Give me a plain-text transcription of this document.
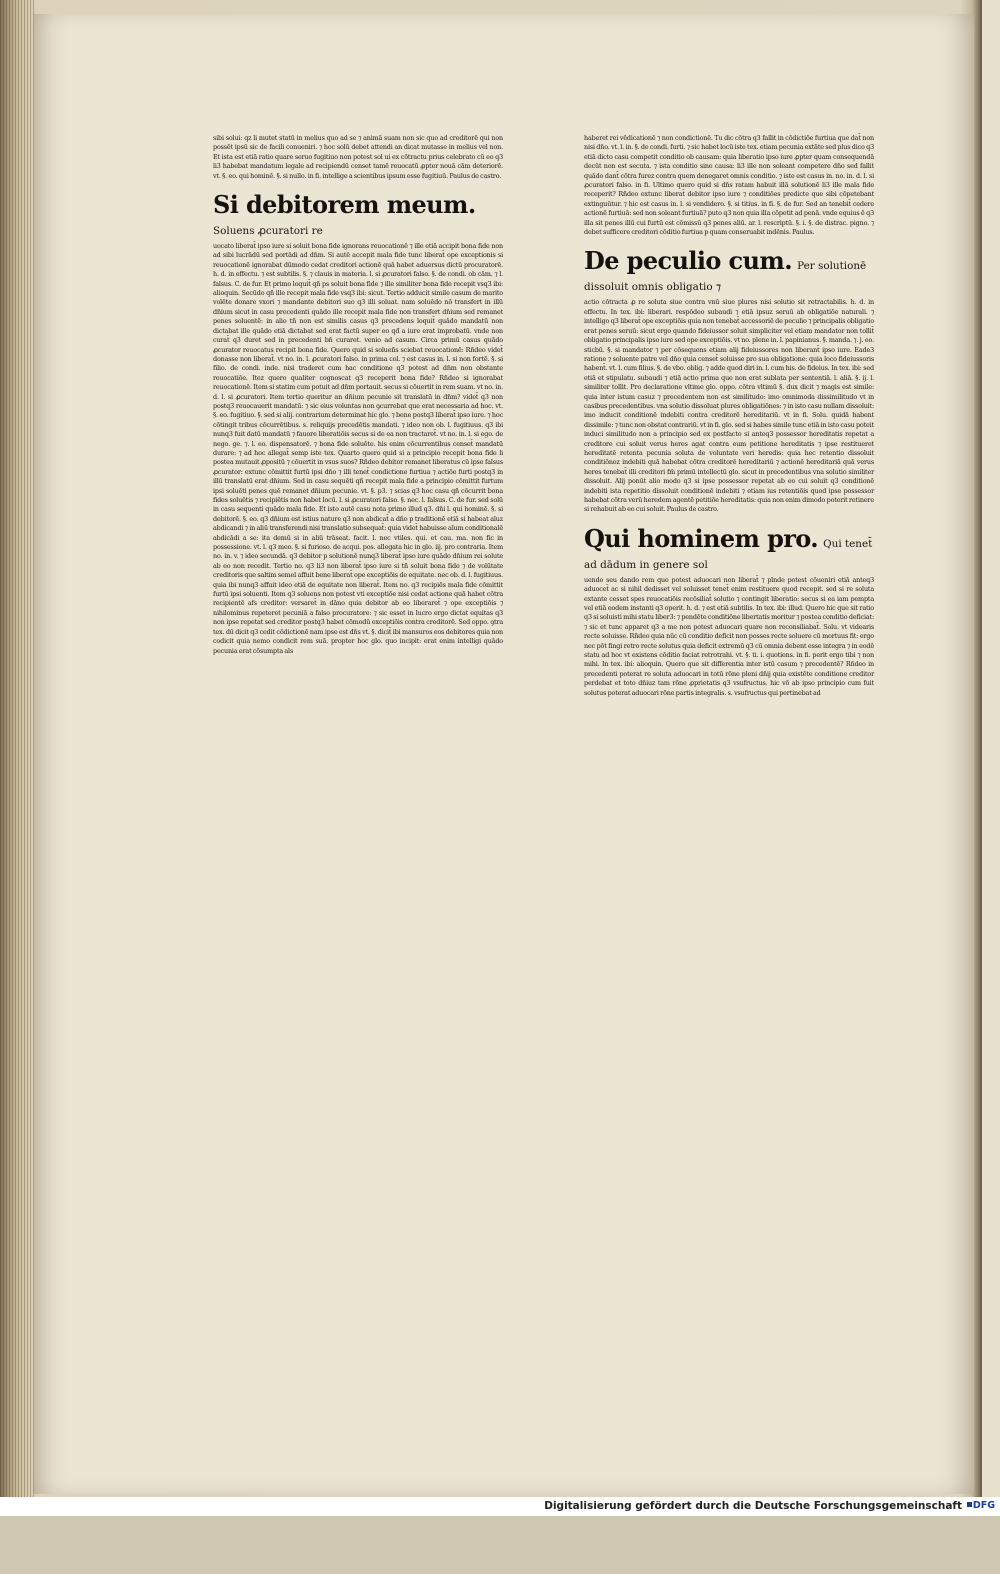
sibi solui: qz li mutet statū in melius quo ad se ⁊ animā suam non sic quo ad creditorē qui non possēt ipsū sic de facili conueniri. ⁊ hoc solū debet attendi an dicat mutasse in melius vel non. Et ista est etiā ratio quare seruo fugitiuo non potest sol ui ex cōtractu prius celebrato cū eo q3 li3 habebat mandatum legale ad recipiendū censet tamē reuocatū ꝓpter nouā cām deteriorē. vt. §. eo. qui hominē. §. si nullo. in fi. intellige a scientibus ipsum esse fugitiuū. Paulus de castro.

Si debitorem meum. Soluens ꝓcuratori re

uocato liberat̄ ipso iure si soluit bona fide ignorans reuocationē ⁊ ille etiā accipit bona fide non ad sibi lucrādū sed portādi ad dn̄m. Si autē accepit mala fide tunc liberat̄ ope exceptionis si reuocationē ignorabat dūmodo cedat creditori actionē quā habet aduersus dictū procuratorē. h. d. in effectu. ⁊ est subtilis. §. ⁊ clauis in materia. l. si ꝓcuratori falso. §. de condi. ob cām. ⁊ l. falsus. C. de fur. Et primo loquit̄ qñ ps soluit bona fide ⁊ ille similiter bona fide recepit vsq3 ibi: alioquin. Secūdo qñ ille recepit mala fide vsq3 ibi: sicut. Tertio adducit simile casum de marito volēte donare vxori ⁊ mandante debitori suo q3 illi soluat. nam soluēdo nō transfert in illū dn̄ium sicut in casu precedenti quādo ille recepit mala fide non transfert dn̄ium sed remanet penes soluentē: in alio tñ non est similis casus q3 precedens loquit̄ quādo mandatū non dictabat ille quādo etiā dictabat sed erat factū super eo qđ a iure erat improbatū. vnde non curat̄ q3 duret sed in precedenti bn̄ curaret. venio ad casum. Circa primū casus quādo ꝓcurator reuocatus recipit bona fide. Quero quid si solueñs sciebat reuocationē: Rñdeo videt̄ donasse non liberat̄. vt no. in. l. ꝓcuratori falso. in prima col. ⁊ est casus in. l. si non fortē. §. si filio. de condi. inde. nisi traderet cum hac conditione q3 potest ad dn̄m non obstante reuocatiōe. Itez quero qualiter cognoscat q3 receperit bona fide? Rñdeo si ignorabat reuocationē. Item si statim cum potuit ad dn̄m portauit. secus si cōuertit in rem suam. vt no. in. d. l. si ꝓcuratori. Item tertio queritur an dn̄ium pecunie sit translatū in dn̄m? videt̄ q3 non postq3 reuocauerit mandatū: ⁊ sic eius voluntas non ꝯcurrebat que erat necessaria ad hoc. vt. §. eo. fugitiuo. §. sed si alij. contrarium determinat hic glo. ⁊ bene postq3 liberat̄ ipso iure. ⁊ hoc cōtingit tribus cōcurrētibus. s. reliquijs precedētis mandati. ⁊ ideo non ob. l. fugitiuus. q3 ibi nunq3 fuit datū mandatū ⁊ fauore liberatiōis secus si de ea non tractaret̄. vt no. in. l. si ego. de nego. ge. ⁊. l. eo. dispensatorē. ⁊ bona fide soluēte. his enim cōcurrentibus censet̄ mandatū durare: ⁊ ad hoc allegat̄ semp iste tex. Quarto quero quid si a principio recepit bona fide li postea mutauit ꝓpositū ⁊ cōuertit in vsus suos? Rñdeo debitor remanet liberatus cū ipse falsus ꝓcurator: extunc cōmittit furtū ipsi dn̄o ⁊ illi tenet̄ condictione furtiua ⁊ actiōe furti postq3 in illū translatū erat dn̄ium. Sed in casu sequēti qñ recepit mala fide a principio cōmittit furtum ipsi soluēti penes quē remanet dn̄ium pecunie. vt. §. p3. ⁊ scias q3 hoc casu qñ cōcurrit bona fides soluētis ⁊ recipiētis non habet locū. l. si ꝓcuratori falso. §. nec. l. falsus. C. de fur. sed solū in casu sequenti quādo mala fide. Et isto autē casu nota primo illud q3. dn̄i l. qui hominē. §. si debitorē. §. eo. q3 dn̄ium est istius nature q3 non abdicat̄ a dn̄o p traditionē etiā si habeat aīuz abdicandi ⁊ in aliū transferendi nisi translatio subsequat̄: quia videt̄ habuisse aīum conditionalē abdicādi a se: ita demū si in aliū trāseat. facit. l. nec vtiles. qui. et cau. ma. non fic in possessione. vt. l. q3 meo. §. si furioso. de acqui. pos. allegata hic in glo. iij. pro contraria. Item no. in. v. ⁊ ideo secundā. q3 debitor p solutionē nunq3 liberat̄ ipso iure quādo dn̄ium rei solute ab eo non recedit. Tertio no. q3 li3 non liberat̄ ipso iure si tñ soluit bona fide ⁊ de volūtate creditoris que saltim semel affuit bene liberat̄ ope exceptiōis de equitate. nec ob. d. l. fugitiuus. quia ibi nunq3 affuit ideo etiā de equitate non liberat̄. Item no. q3 recipiēs mala fide cōmittit furtū ipsi soluenti. Item q3 soluens non potest vti exceptiōe nisi cedat actione quā habet cōtra recipientē afs creditor: versaret̄ in dāno quia debitor ab eo liberaret̄ ⁊ ope exceptiōis ⁊ nihilominus repeteret pecuniā a falso procuratore: ⁊ sic esset in lucro ergo dictat equitas q3 non ipse repetat sed creditor postq3 habet cōmodū exceptiōis contra creditorē. Sed oppo. ꝯtra tex. dū dicit q3 cedit cōdictionē nam ipse est dn̄s vt. §. dicit̄ ibi mansuros eos debitores quia non codicit quia nemo condicit rem suā. propter hoc glo. quo incipit: erat enim intelligi quādo pecunia erat cōsumpta als

haberet rei vēdicationē ⁊ non condictionē. Tu dic cōtra q3 fallit in cōdictiōe furtiua que dat̄ non nisi dn̄o. vt. l. in. §. de condi. furti. ⁊ sic habet locū iste tex. etiam pecunia extāte sed plus dico q3 etiā dicto casu competit conditio ob causam: quia liberatio ipso iure ꝓpter quam consequendā decūt non est secuta. ⁊ ista conditio sine causa: li3 ille non soleant competere dn̄o sed fallit quādo dant̄ cōtra furez contra quem denegaret omnis conditio. ⁊ iste est casus in. no. in. d. l. si ꝓcuratori falso. in fi. Ultimo quero quid si dn̄s ratam habuit illā solutionē li3 ille mala fide receperit? Rñdeo extunc liberat̄ debitor ipso iure ⁊ conditiōes predicte que sibi cōpetebant extinguūtur. ⁊ hic est casus in. l. si vendidero. §. si titius. in fi. §. de fur. Sed an tenebit̄ cedere actionē furtiuā: sed non soleant furtiuā? puto q3 non quia illa cōpetit ad penā. vnde equius ē q3 illa sit penes illū cui furtū est cōmissū q3 penes aliū. ar. l. rescriptū. §. i. §. de distrac. pigno. ⁊ debet sufficere creditori cōditio furtiua p quam conseruabit indēnis. Paulus.

De peculio cum. Per solutionē dissoluit omnis obligatio ⁊

actio cōtracta ꝓ re soluta siue contra vnū siue plures nisi solutio sit retractabilis. h. d. in effectu. In tex. ibi: liberari. respōdeo subaudi ⁊ etiā ipsuz seruū ab obligatiōe naturali. ⁊ intelligo q3 liberat̄ ope exceptiōis quia non tenebat̄ accessoriē de peculio ⁊ principalis obligatio erat penes seruū: sicut ergo quando fideiussor soluit simpliciter vel etiam mandator non tollit̄ obligatio principalis ipso iure sed ope exceptiōis. vt no. plene in. l. papinianus. §. manda. ⁊. j. eo. sticbū. §. si mandator ⁊ per cōsequens etiam alij fideiussores non liberant̄ ipso iure. Eade3 ratione ⁊ soluente patre vel dn̄o quia censet̄ soluisse pro sua obligatione: quia loco fideiussoris habent̄. vt. l. cum filius. §. de vbo. oblig. ⁊ adde quod diri in. l. cum his. de fideius. In tex. ibi: sed etiā et stipulatu. subaudi ⁊ etiā actio prima que non erat sublata per sententiā. l. aliā. §. ij. l. similiter tollit. Pro declaratione vltime glo. oppo. cōtra vltimū §. dux dicit ⁊ magis est simile: quia inter istum casuz ⁊ precedentem non est similitudo: imo omnimoda dissimilitudo vt in casibus precedentibus. vna solutio dissoluat plures obligatiōnes: ⁊ in isto casu nullam dissoluit: imo inducit conditionē indebiti contra creditorē hereditariū. vt in fi. Solu. quidā habent dissimile: ⁊ tunc non obstat contrariū. vt in fi. glo. sed si habes simile tunc etiā in isto casu poteit induci similitudo non a principio sed ex postfacto si anteq3 possessor hereditatis repetat a creditore cui soluit verus heres agat contra eum petitione hereditatis ⁊ ipse restitueret hereditatē retenta pecunia soluta de voluntate veri heredis: quia hec retentio dissoluit conditiōnez indebiti quā habebat cōtra creditorē hereditariū ⁊ actionē hereditariā quā verus heres tenebat̄ illi creditori fm̄ primū intellectū glo. sicut in precedentibus vna solutio similiter dissoluit. Alij ponūt alio modo q3 si ipse possessor repetat ab eo cui soluit q3 conditionē indebiti ista repetitio dissoluit conditionē indebiti ⁊ etiam ius retentiōis quod ipse possessor habebat cōtra verū heredem agentē petitiōe hereditatis: quia non enim dimodo poterit retinere si rehabuit ab eo cui soluit. Paulus de castro.

Qui hominem pro. Qui tenet̄ ad dādum in genere sol

uendo seu dando rem que potest aduocari non liberat̄ ⁊ pīnde potest cōueniri etiā anteq3 aduocet̄ ac si nihil dedisset vel soluisset tenet̄ enim restituere quod recepit. sed si re soluta extante cesset spes reuocatiōis recōsiliat̄ solutio ⁊ contingit liberatio: secus si ea iam pempta vel etiā eodem instanti q3 operit. h. d. ⁊ est etiā subtilis. In tex. ibi: illud. Quero hic que sit ratio q3 si soluisti mihi statu liber3: ⁊ pendēte conditiōne libertatis moritur ⁊ postea conditio deficiat: ⁊ sic et tunc apparet q3 a me non potest aduocari quare non reconsiliabat̄. Solu. vt videaris recte soluisse. Rñdeo quia nūc cū conditio deficit non posses recte soluere cū mortuus fit: ergo nec pōt fingi retro recte solutus quia deficit extremū q3 cū omnia debent esse integra ⁊ in eodē statu ad hoc vt existens cōditio faciat retrotrahi. vt. §. ti. i. quotiens. in fi. perit ergo tibi ⁊ non mihi. In tex. ibi: alioquin. Quero que sit differentia inter istū casum ⁊ precedentē? Rñdeo in precedenti poterat re soluta aduocari in totū rōne pleni dn̄ij quia existēte conditione creditor perdebat et toto dn̄iuz tam rōne ꝓprietatis q3 vsufructus. hic vō ab ipso principio cum fuit solutus poterat aduocari rōne partis integralis. s. vsufructus qui pertinebat ad

Digitalisierung gefördert durch die Deutsche Forschungsgemeinschaft	DFG
